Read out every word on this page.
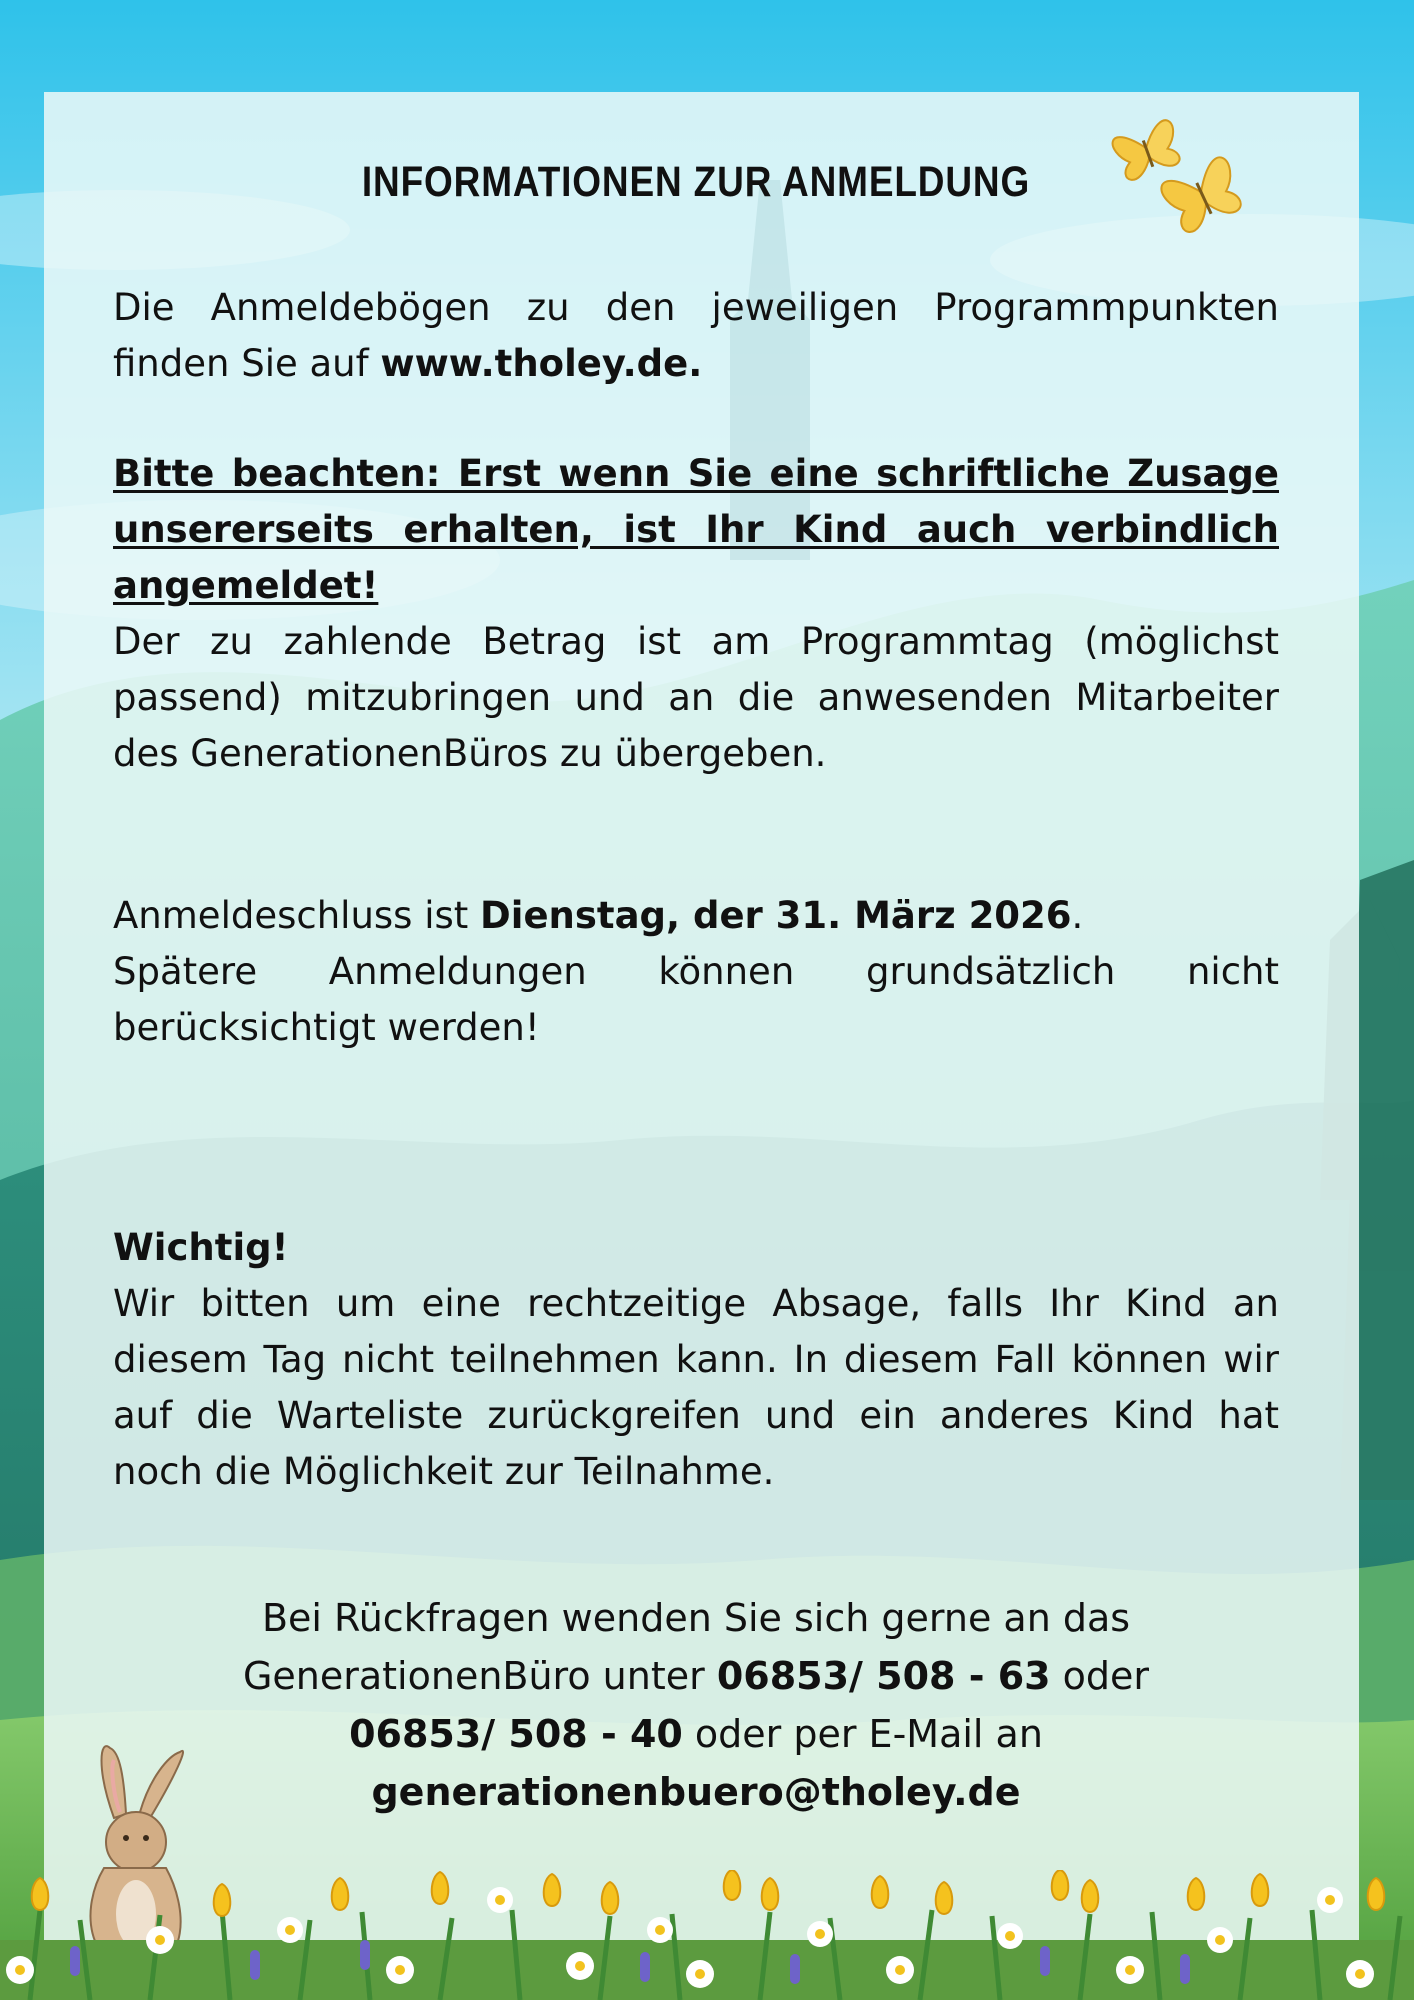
INFORMATIONEN ZUR ANMELDUNG

Die Anmeldebögen zu den jeweiligen Programmpunkten finden Sie auf www.tholey.de.

Bitte beachten: Erst wenn Sie eine schriftliche Zusage unsererseits erhalten, ist Ihr Kind auch verbindlich angemeldet!
Der zu zahlende Betrag ist am Programmtag (möglichst passend) mitzubringen und an die anwesenden Mitarbeiter des GenerationenBüros zu übergeben.

Anmeldeschluss ist Dienstag, der 31. März 2026.

Spätere Anmeldungen können grundsätzlich nicht berücksichtigt werden!

Wichtig!

Wir bitten um eine rechtzeitige Absage, falls Ihr Kind an diesem Tag nicht teilnehmen kann. In diesem Fall können wir auf die Warteliste zurückgreifen und ein anderes Kind hat noch die Möglichkeit zur Teilnahme.

Bei Rückfragen wenden Sie sich gerne an das
GenerationenBüro unter 06853/ 508 - 63 oder
06853/ 508 - 40 oder per E-Mail an
generationenbuero@tholey.de
